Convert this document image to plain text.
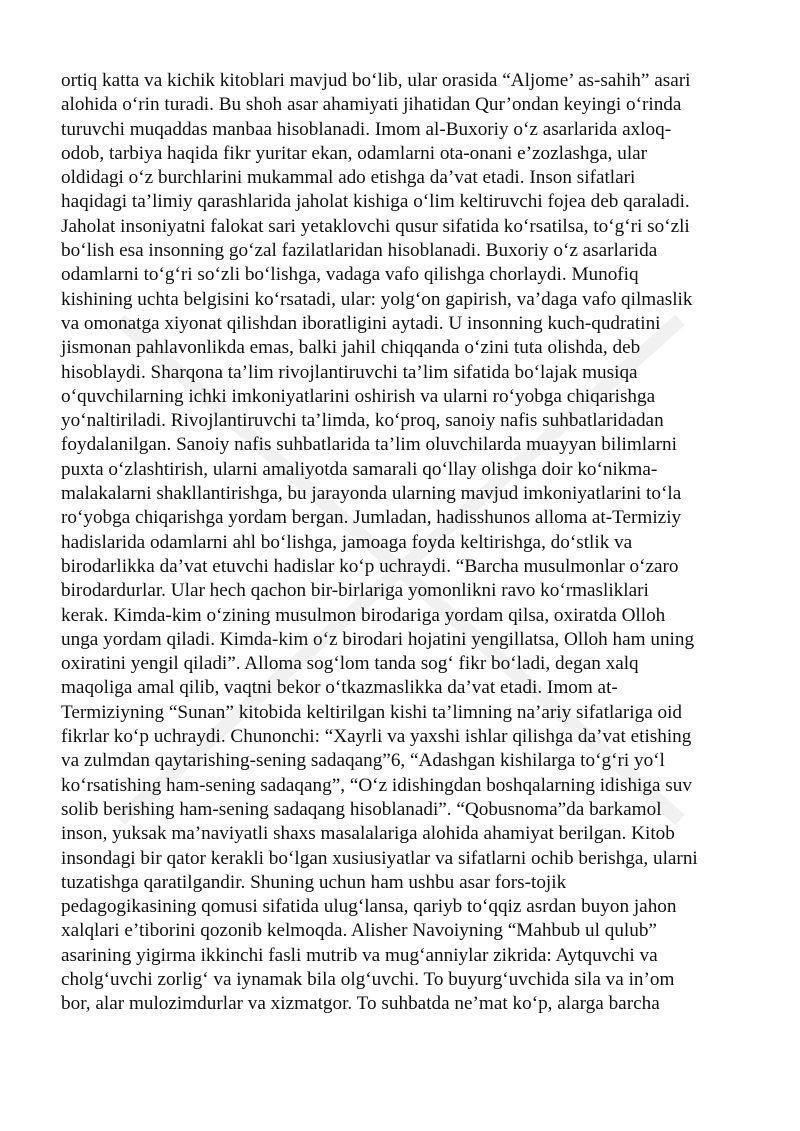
ortiq katta va kichik kitoblari mavjud bo‘lib, ular orasida “Aljome’ as-sahih” asari
alohida o‘rin turadi. Bu shoh asar ahamiyati jihatidan Qur’ondan keyingi o‘rinda
turuvchi muqaddas manbaa hisoblanadi. Imom al-Buxoriy o‘z asarlarida axloq-
odob, tarbiya haqida fikr yuritar ekan, odamlarni ota-onani e’zozlashga, ular
oldidagi o‘z burchlarini mukammal ado etishga da’vat etadi. Inson sifatlari
haqidagi ta’limiy qarashlarida jaholat kishiga o‘lim keltiruvchi fojea deb qaraladi.
Jaholat insoniyatni falokat sari yetaklovchi qusur sifatida ko‘rsatilsa, to‘g‘ri so‘zli
bo‘lish esa insonning go‘zal fazilatlaridan hisoblanadi. Buxoriy o‘z asarlarida
odamlarni to‘g‘ri so‘zli bo‘lishga, vadaga vafo qilishga chorlaydi. Munofiq
kishining uchta belgisini ko‘rsatadi, ular: yolg‘on gapirish, va’daga vafo qilmaslik
va omonatga xiyonat qilishdan iboratligini aytadi. U insonning kuch-qudratini
jismonan pahlavonlikda emas, balki jahil chiqqanda o‘zini tuta olishda, deb
hisoblaydi. Sharqona ta’lim rivojlantiruvchi ta’lim sifatida bo‘lajak musiqa
o‘quvchilarning ichki imkoniyatlarini oshirish va ularni ro‘yobga chiqarishga
yo‘naltiriladi. Rivojlantiruvchi ta’limda, ko‘proq, sanoiy nafis suhbatlaridadan
foydalanilgan. Sanoiy nafis suhbatlarida ta’lim oluvchilarda muayyan bilimlarni
puxta o‘zlashtirish, ularni amaliyotda samarali qo‘llay olishga doir ko‘nikma-
malakalarni shakllantirishga, bu jarayonda ularning mavjud imkoniyatlarini to‘la
ro‘yobga chiqarishga yordam bergan. Jumladan, hadisshunos alloma at-Termiziy
hadislarida odamlarni ahl bo‘lishga, jamoaga foyda keltirishga, do‘stlik va
birodarlikka da’vat etuvchi hadislar ko‘p uchraydi. “Barcha musulmonlar o‘zaro
birodardurlar. Ular hech qachon bir-birlariga yomonlikni ravo ko‘rmasliklari
kerak. Kimda-kim o‘zining musulmon birodariga yordam qilsa, oxiratda Olloh
unga yordam qiladi. Kimda-kim o‘z birodari hojatini yengillatsa, Olloh ham uning
oxiratini yengil qiladi”. Alloma sog‘lom tanda sog‘ fikr bo‘ladi, degan xalq
maqoliga amal qilib, vaqtni bekor o‘tkazmaslikka da’vat etadi. Imom at-
Termiziyning “Sunan” kitobida keltirilgan kishi ta’limning na’ariy sifatlariga oid
fikrlar ko‘p uchraydi. Chunonchi: “Xayrli va yaxshi ishlar qilishga da’vat etishing
va zulmdan qaytarishing-sening sadaqang”6, “Adashgan kishilarga to‘g‘ri yo‘l
ko‘rsatishing ham-sening sadaqang”, “O‘z idishingdan boshqalarning idishiga suv
solib berishing ham-sening sadaqang hisoblanadi”. “Qobusnoma”da barkamol
inson, yuksak ma’naviyatli shaxs masalalariga alohida ahamiyat berilgan. Kitob
insondagi bir qator kerakli bo‘lgan xusiusiyatlar va sifatlarni ochib berishga, ularni
tuzatishga qaratilgandir. Shuning uchun ham ushbu asar fors-tojik
pedagogikasining qomusi sifatida ulug‘lansa, qariyb to‘qqiz asrdan buyon jahon
xalqlari e’tiborini qozonib kelmoqda. Alisher Navoiyning “Mahbub ul qulub”
asarining yigirma ikkinchi fasli mutrib va mug‘anniylar zikrida: Aytquvchi va
cholg‘uvchi zorlig‘ va iynamak bila olg‘uvchi. To buyurg‘uvchida sila va in’om
bor, alar mulozimdurlar va xizmatgor. To suhbatda ne’mat ko‘p, alarga barcha
